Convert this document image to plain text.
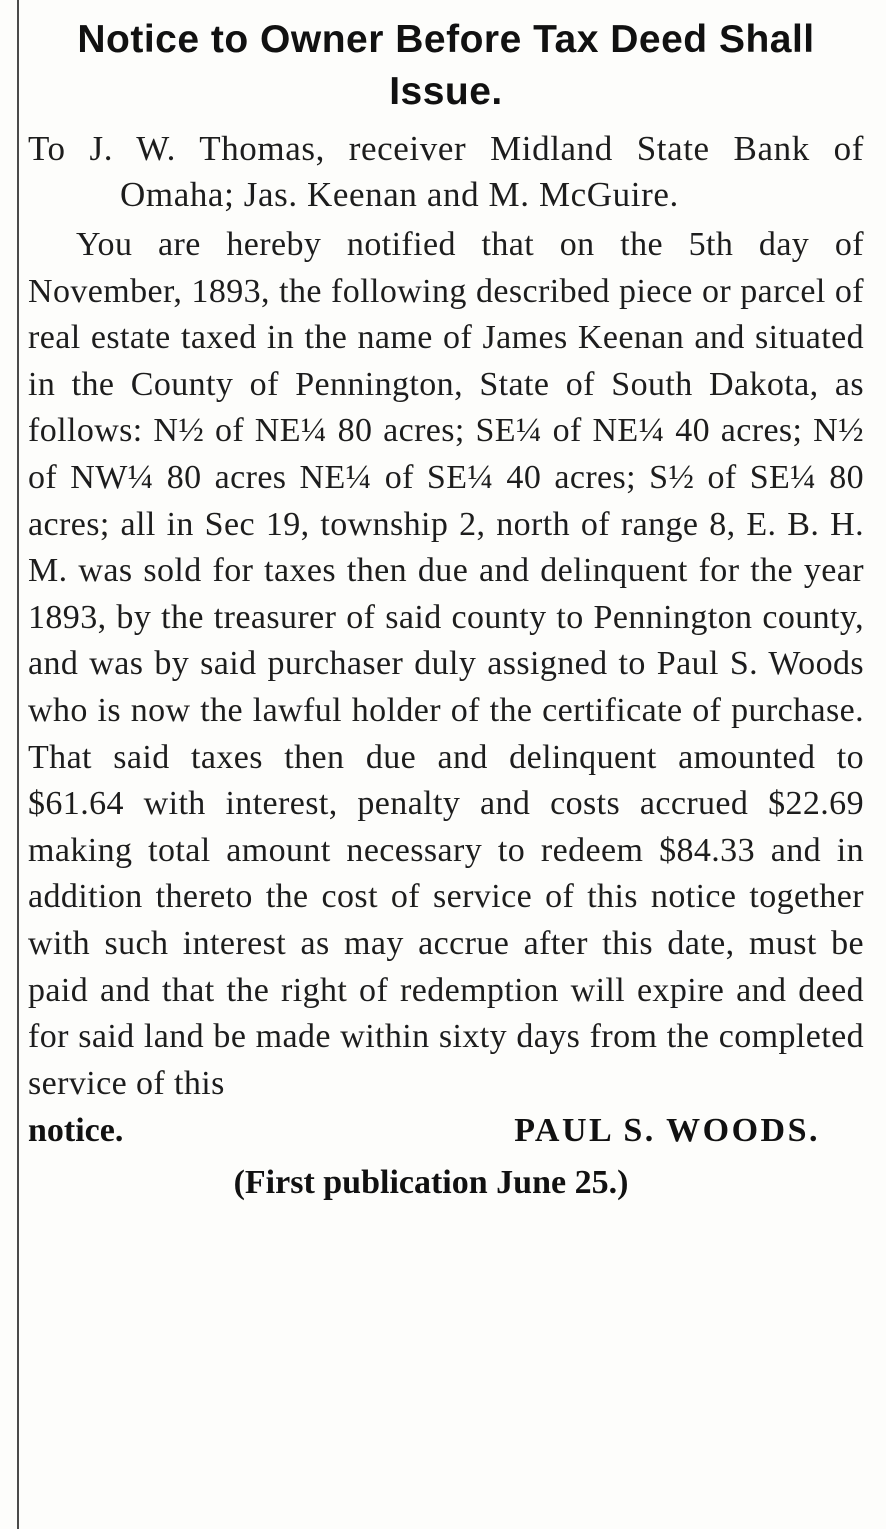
Notice to Owner Before Tax Deed Shall Issue.

To J. W. Thomas, receiver Midland State Bank of Omaha; Jas. Keenan and M. McGuire.

You are hereby notified that on the 5th day of November, 1893, the following described piece or parcel of real estate taxed in the name of James Keenan and situated in the County of Pennington, State of South Dakota, as follows: N½ of NE¼ 80 acres; SE¼ of NE¼ 40 acres; N½ of NW¼ 80 acres NE¼ of SE¼ 40 acres; S½ of SE¼ 80 acres; all in Sec 19, township 2, north of range 8, E. B. H. M. was sold for taxes then due and delinquent for the year 1893, by the treasurer of said county to Pennington county, and was by said purchaser duly assigned to Paul S. Woods who is now the lawful holder of the certificate of purchase. That said taxes then due and delinquent amounted to $61.64 with interest, penalty and costs accrued $22.69 making total amount necessary to redeem $84.33 and in addition thereto the cost of service of this notice together with such interest as may accrue after this date, must be paid and that the right of redemption will expire and deed for said land be made within sixty days from the completed service of this

notice.	PAUL S. WOODS.

(First publication June 25.)
